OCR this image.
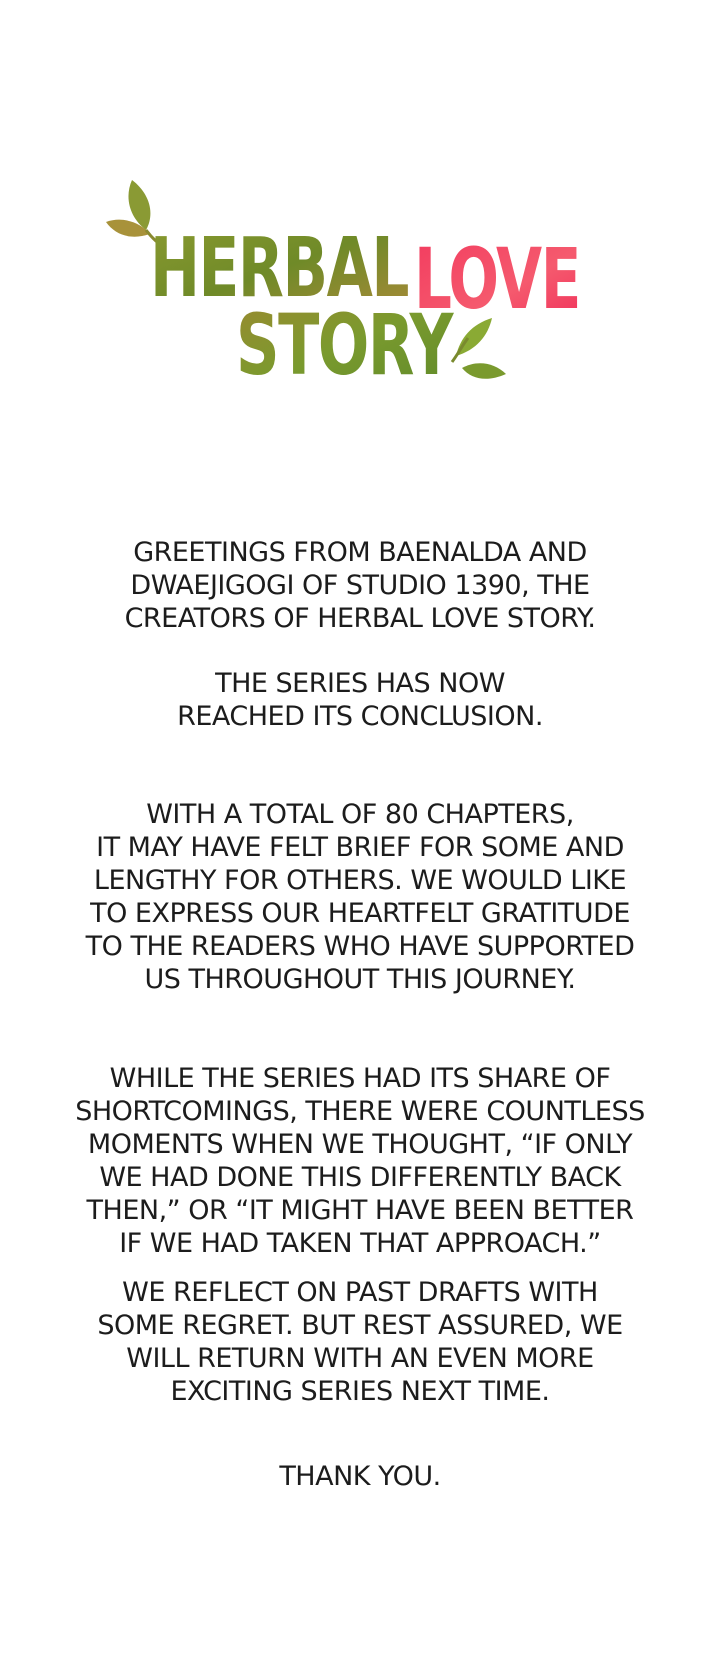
HERBAL LOVE
STORY

GREETINGS FROM BAENALDA AND
DWAEJIGOGI OF STUDIO 1390, THE
CREATORS OF HERBAL LOVE STORY.

THE SERIES HAS NOW
REACHED ITS CONCLUSION.

WITH A TOTAL OF 80 CHAPTERS,
IT MAY HAVE FELT BRIEF FOR SOME AND
LENGTHY FOR OTHERS. WE WOULD LIKE
TO EXPRESS OUR HEARTFELT GRATITUDE
TO THE READERS WHO HAVE SUPPORTED
US THROUGHOUT THIS JOURNEY.

WHILE THE SERIES HAD ITS SHARE OF
SHORTCOMINGS, THERE WERE COUNTLESS
MOMENTS WHEN WE THOUGHT, “IF ONLY
WE HAD DONE THIS DIFFERENTLY BACK
THEN,” OR “IT MIGHT HAVE BEEN BETTER
IF WE HAD TAKEN THAT APPROACH.”

WE REFLECT ON PAST DRAFTS WITH
SOME REGRET. BUT REST ASSURED, WE
WILL RETURN WITH AN EVEN MORE
EXCITING SERIES NEXT TIME.

THANK YOU.
